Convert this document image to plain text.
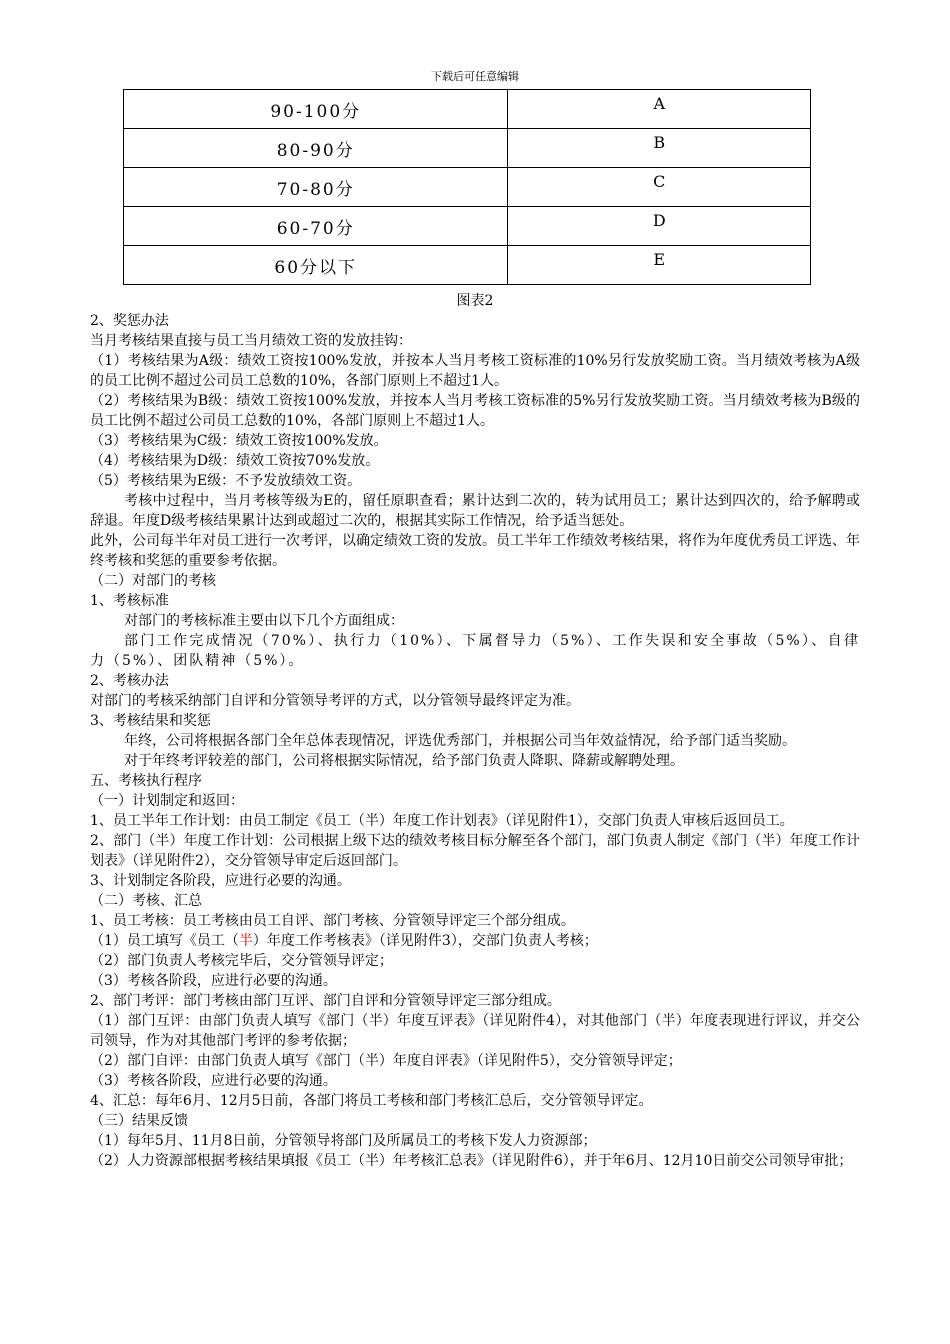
下载后可任意编辑
90-100分	A
80-90分	B
70-80分	C
60-70分	D
60分以下	E
图表2

2、奖惩办法

当月考核结果直接与员工当月绩效工资的发放挂钩：

（1）考核结果为A级：绩效工资按100%发放，并按本人当月考核工资标准的10%另行发放奖励工资。当月绩效考核为A级的员工比例不超过公司员工总数的10%，各部门原则上不超过1人。

（2）考核结果为B级：绩效工资按100%发放，并按本人当月考核工资标准的5%另行发放奖励工资。当月绩效考核为B级的员工比例不超过公司员工总数的10%，各部门原则上不超过1人。

（3）考核结果为C级：绩效工资按100%发放。

（4）考核结果为D级：绩效工资按70%发放。

（5）考核结果为E级：不予发放绩效工资。

考核中过程中，当月考核等级为E的，留任原职查看；累计达到二次的，转为试用员工；累计达到四次的，给予解聘或辞退。年度D级考核结果累计达到或超过二次的，根据其实际工作情况，给予适当惩处。

此外，公司每半年对员工进行一次考评，以确定绩效工资的发放。员工半年工作绩效考核结果，将作为年度优秀员工评选、年终考核和奖惩的重要参考依据。

（二）对部门的考核

1、考核标准

对部门的考核标准主要由以下几个方面组成：

部门工作完成情况（70%）、执行力（10%）、下属督导力（5%）、工作失误和安全事故（5%）、自律力（5%）、团队精神（5%）。

2、考核办法

对部门的考核采纳部门自评和分管领导考评的方式，以分管领导最终评定为准。

3、考核结果和奖惩

年终，公司将根据各部门全年总体表现情况，评选优秀部门，并根据公司当年效益情况，给予部门适当奖励。

对于年终考评较差的部门，公司将根据实际情况，给予部门负责人降职、降薪或解聘处理。

五、考核执行程序

（一）计划制定和返回：

1、员工半年工作计划：由员工制定《员工（半）年度工作计划表》（详见附件1），交部门负责人审核后返回员工。

2、部门（半）年度工作计划：公司根据上级下达的绩效考核目标分解至各个部门，部门负责人制定《部门（半）年度工作计划表》（详见附件2），交分管领导审定后返回部门。

3、计划制定各阶段，应进行必要的沟通。

（二）考核、汇总

1、员工考核：员工考核由员工自评、部门考核、分管领导评定三个部分组成。

（1）员工填写《员工（半）年度工作考核表》（详见附件3），交部门负责人考核；

（2）部门负责人考核完毕后，交分管领导评定；

（3）考核各阶段，应进行必要的沟通。

2、部门考评：部门考核由部门互评、部门自评和分管领导评定三部分组成。

（1）部门互评：由部门负责人填写《部门（半）年度互评表》（详见附件4），对其他部门（半）年度表现进行评议，并交公司领导，作为对其他部门考评的参考依据；

（2）部门自评：由部门负责人填写《部门（半）年度自评表》（详见附件5），交分管领导评定；

（3）考核各阶段，应进行必要的沟通。

4、汇总：每年6月、12月5日前，各部门将员工考核和部门考核汇总后，交分管领导评定。

（三）结果反馈

（1）每年5月、11月8日前，分管领导将部门及所属员工的考核下发人力资源部；

（2）人力资源部根据考核结果填报《员工（半）年考核汇总表》（详见附件6），并于年6月、12月10日前交公司领导审批；
